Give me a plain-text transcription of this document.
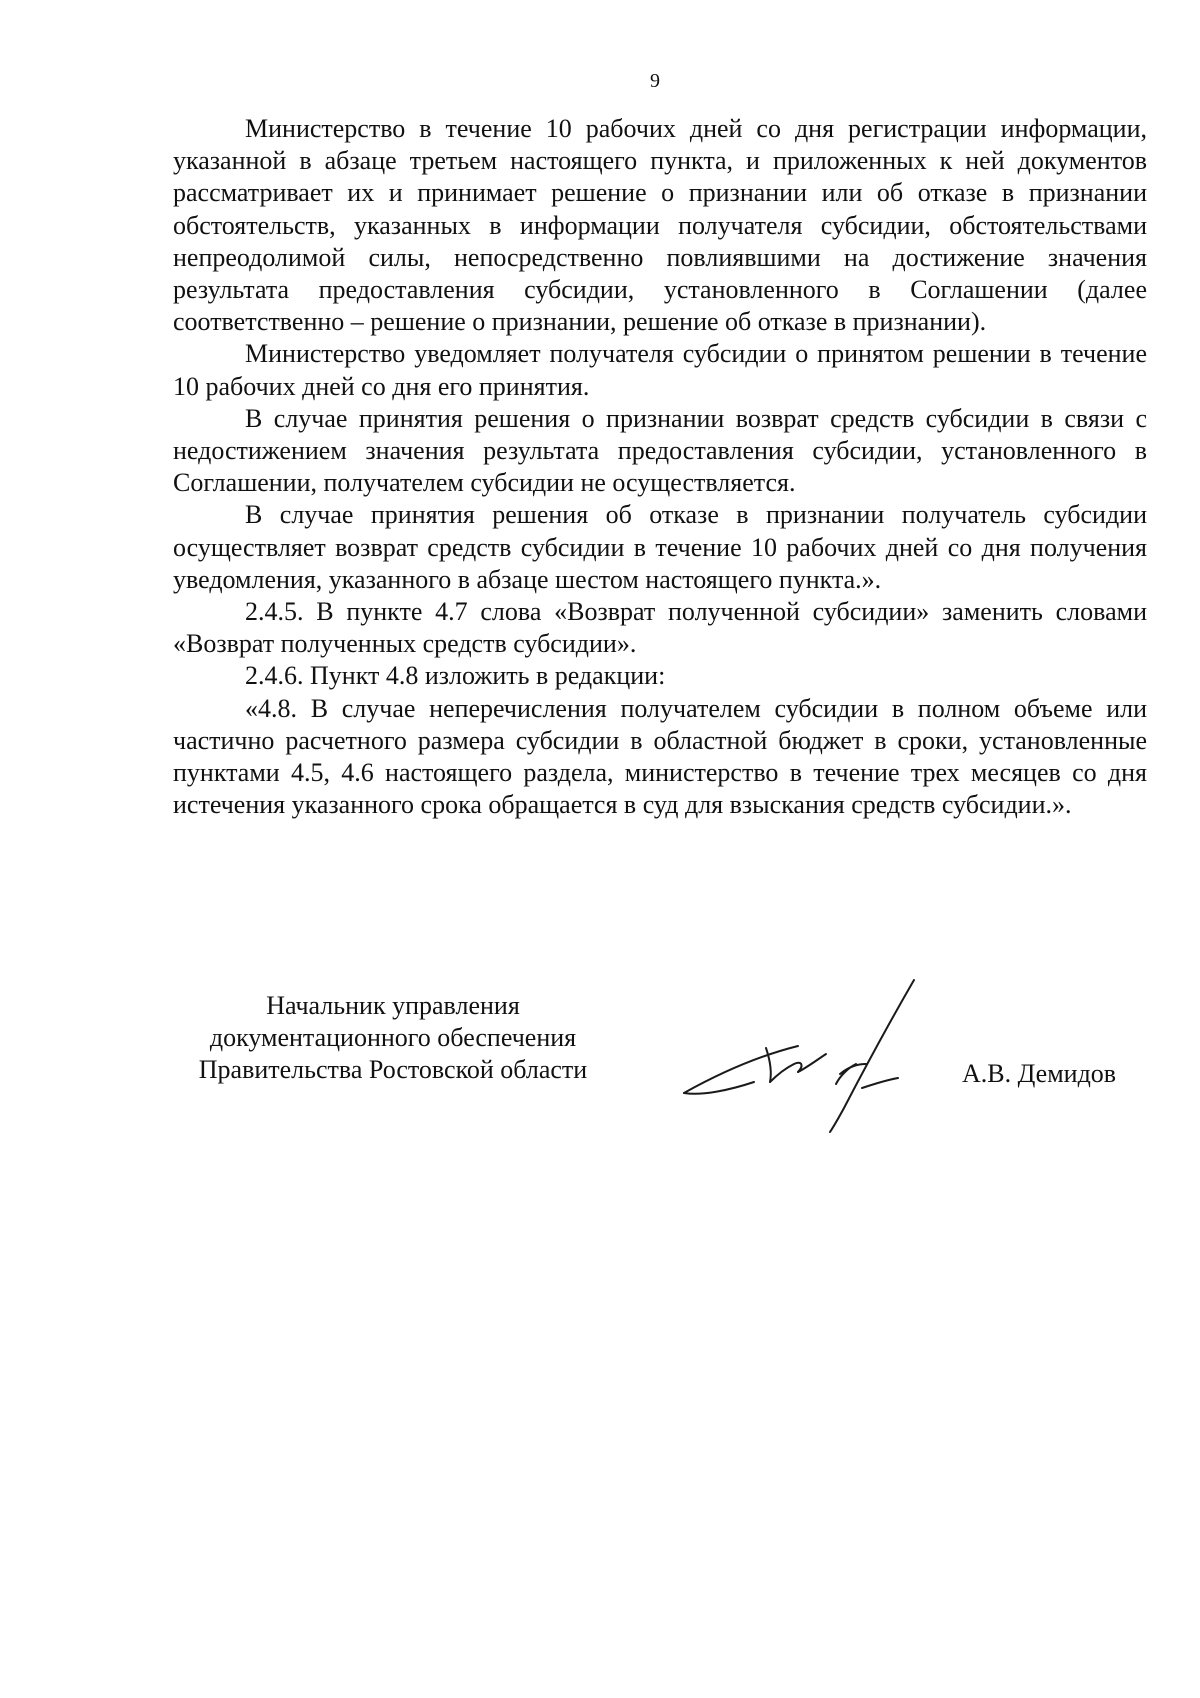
9

Министерство в течение 10 рабочих дней со дня регистрации информации, указанной в абзаце третьем настоящего пункта, и приложенных к ней документов рассматривает их и принимает решение о признании или об отказе в признании обстоятельств, указанных в информации получателя субсидии, обстоятельствами непреодолимой силы, непосредственно повлиявшими на достижение значения результата предоставления субсидии, установленного в Соглашении (далее соответственно – решение о признании, решение об отказе в признании).

Министерство уведомляет получателя субсидии о принятом решении в течение 10 рабочих дней со дня его принятия.

В случае принятия решения о признании возврат средств субсидии в связи с недостижением значения результата предоставления субсидии, установленного в Соглашении, получателем субсидии не осуществляется.

В случае принятия решения об отказе в признании получатель субсидии осуществляет возврат средств субсидии в течение 10 рабочих дней со дня получения уведомления, указанного в абзаце шестом настоящего пункта.».

2.4.5. В пункте 4.7 слова «Возврат полученной субсидии» заменить словами «Возврат полученных средств субсидии».

2.4.6. Пункт 4.8 изложить в редакции:

«4.8. В случае неперечисления получателем субсидии в полном объеме или частично расчетного размера субсидии в областной бюджет в сроки, установленные пунктами 4.5, 4.6 настоящего раздела, министерство в течение трех месяцев со дня истечения указанного срока обращается в суд для взыскания средств субсидии.».

Начальник управления
документационного обеспечения
Правительства Ростовской области	А.В. Демидов
